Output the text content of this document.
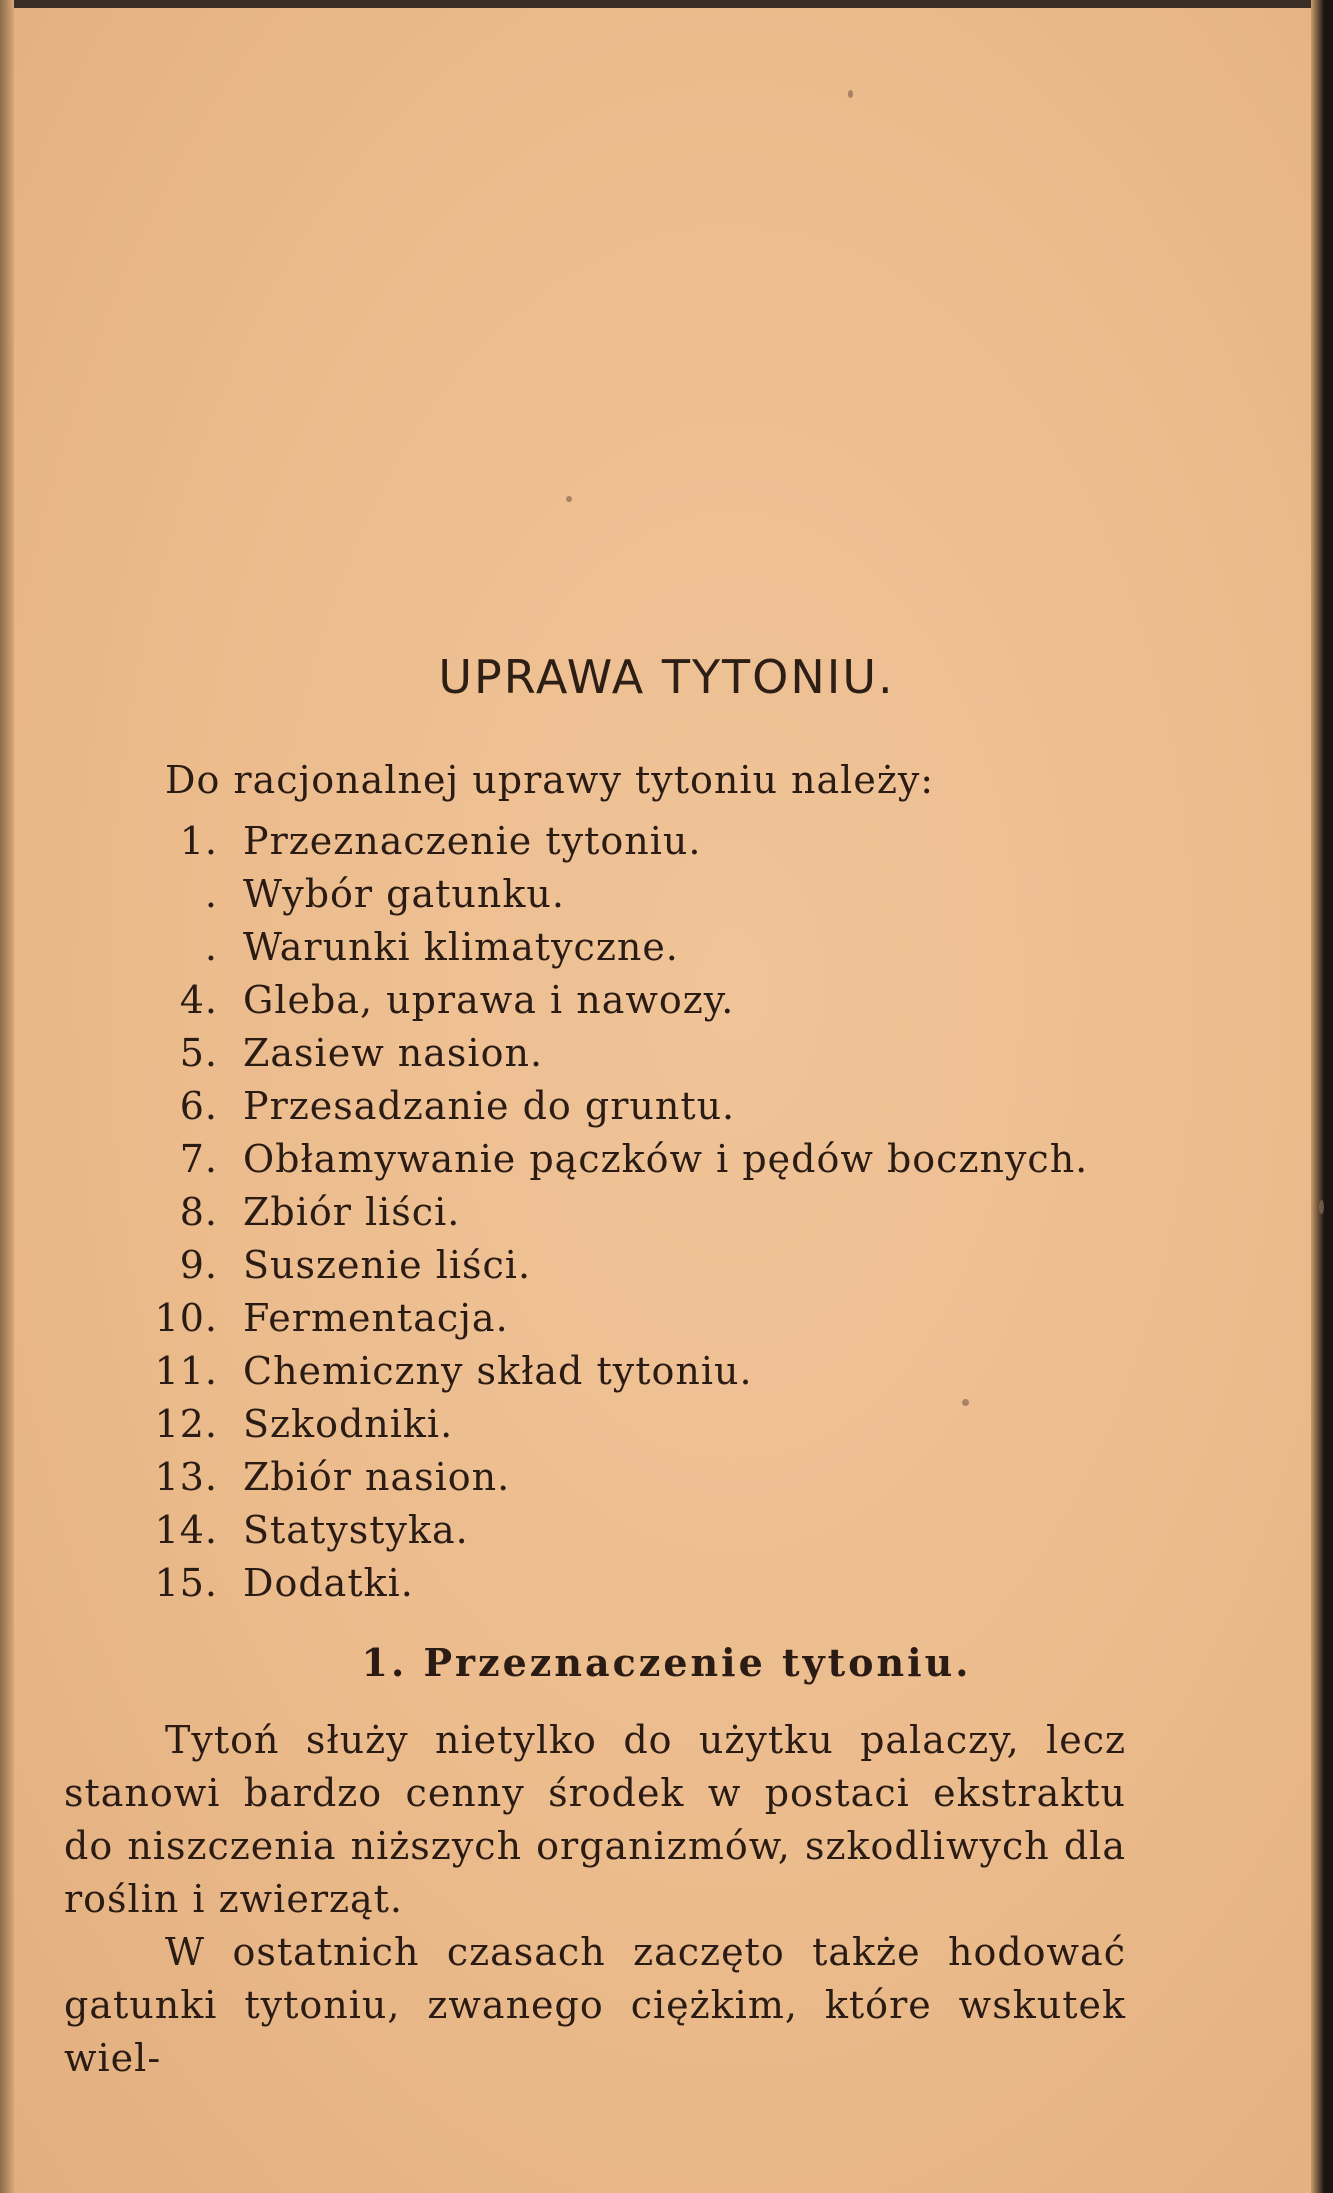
UPRAWA TYTONIU.

Do racjonalnej uprawy tytoniu należy:

1. Przeznaczenie tytoniu.
. Wybór gatunku.
. Warunki klimatyczne.
4. Gleba, uprawa i nawozy.
5. Zasiew nasion.
6. Przesadzanie do gruntu.
7. Obłamywanie pączków i pędów bocznych.
8. Zbiór liści.
9. Suszenie liści.
10. Fermentacja.
11. Chemiczny skład tytoniu.
12. Szkodniki.
13. Zbiór nasion.
14. Statystyka.
15. Dodatki.
1. Przeznaczenie tytoniu.

Tytoń służy nietylko do użytku palaczy, lecz stanowi bardzo cenny środek w postaci ekstraktu do niszczenia niższych organizmów, szkodliwych dla roślin i zwierząt.

W ostatnich czasach zaczęto także hodować gatunki tytoniu, zwanego ciężkim, które wskutek wiel-
